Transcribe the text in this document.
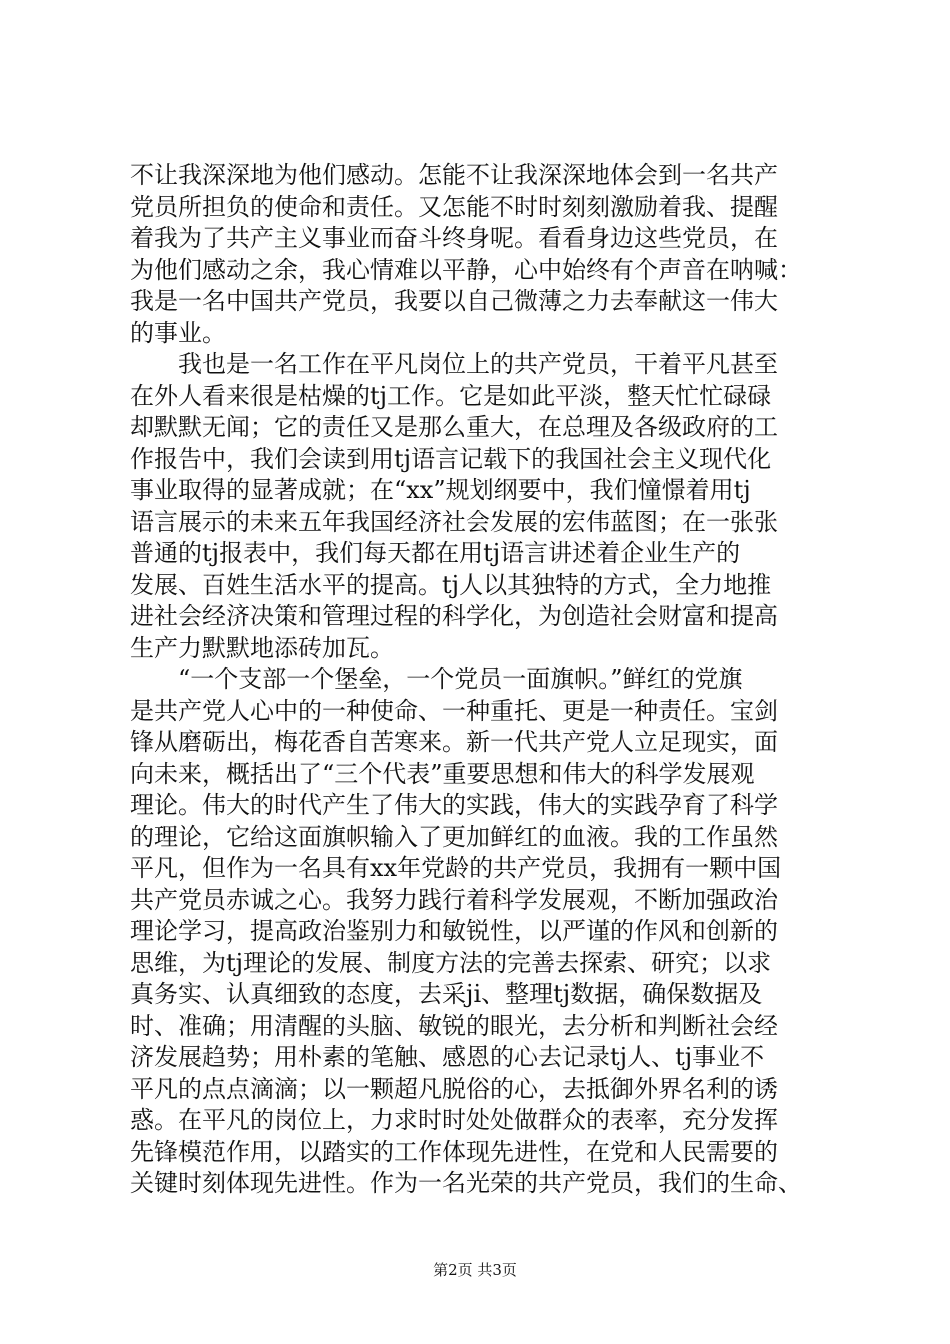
不让我深深地为他们感动。怎能不让我深深地体会到一名共产
党员所担负的使命和责任。又怎能不时时刻刻激励着我、提醒
着我为了共产主义事业而奋斗终身呢。看看身边这些党员，在
为他们感动之余，我心情难以平静，心中始终有个声音在呐喊：
我是一名中国共产党员，我要以自己微薄之力去奉献这一伟大
的事业。
　　我也是一名工作在平凡岗位上的共产党员，干着平凡甚至
在外人看来很是枯燥的tj工作。它是如此平淡，整天忙忙碌碌
却默默无闻；它的责任又是那么重大，在总理及各级政府的工
作报告中，我们会读到用tj语言记载下的我国社会主义现代化
事业取得的显著成就；在“xx”规划纲要中，我们憧憬着用tj
语言展示的未来五年我国经济社会发展的宏伟蓝图；在一张张
普通的tj报表中，我们每天都在用tj语言讲述着企业生产的
发展、百姓生活水平的提高。tj人以其独特的方式，全力地推
进社会经济决策和管理过程的科学化，为创造社会财富和提高
生产力默默地添砖加瓦。
　　“一个支部一个堡垒，一个党员一面旗帜。”鲜红的党旗
是共产党人心中的一种使命、一种重托、更是一种责任。宝剑
锋从磨砺出，梅花香自苦寒来。新一代共产党人立足现实，面
向未来，概括出了“三个代表”重要思想和伟大的科学发展观
理论。伟大的时代产生了伟大的实践，伟大的实践孕育了科学
的理论，它给这面旗帜输入了更加鲜红的血液。我的工作虽然
平凡，但作为一名具有xx年党龄的共产党员，我拥有一颗中国
共产党员赤诚之心。我努力践行着科学发展观，不断加强政治
理论学习，提高政治鉴别力和敏锐性，以严谨的作风和创新的
思维，为tj理论的发展、制度方法的完善去探索、研究；以求
真务实、认真细致的态度，去采ji、整理tj数据，确保数据及
时、准确；用清醒的头脑、敏锐的眼光，去分析和判断社会经
济发展趋势；用朴素的笔触、感恩的心去记录tj人、tj事业不
平凡的点点滴滴；以一颗超凡脱俗的心，去抵御外界名利的诱
惑。在平凡的岗位上，力求时时处处做群众的表率，充分发挥
先锋模范作用，以踏实的工作体现先进性，在党和人民需要的
关键时刻体现先进性。作为一名光荣的共产党员，我们的生命、
第2页 共3页
